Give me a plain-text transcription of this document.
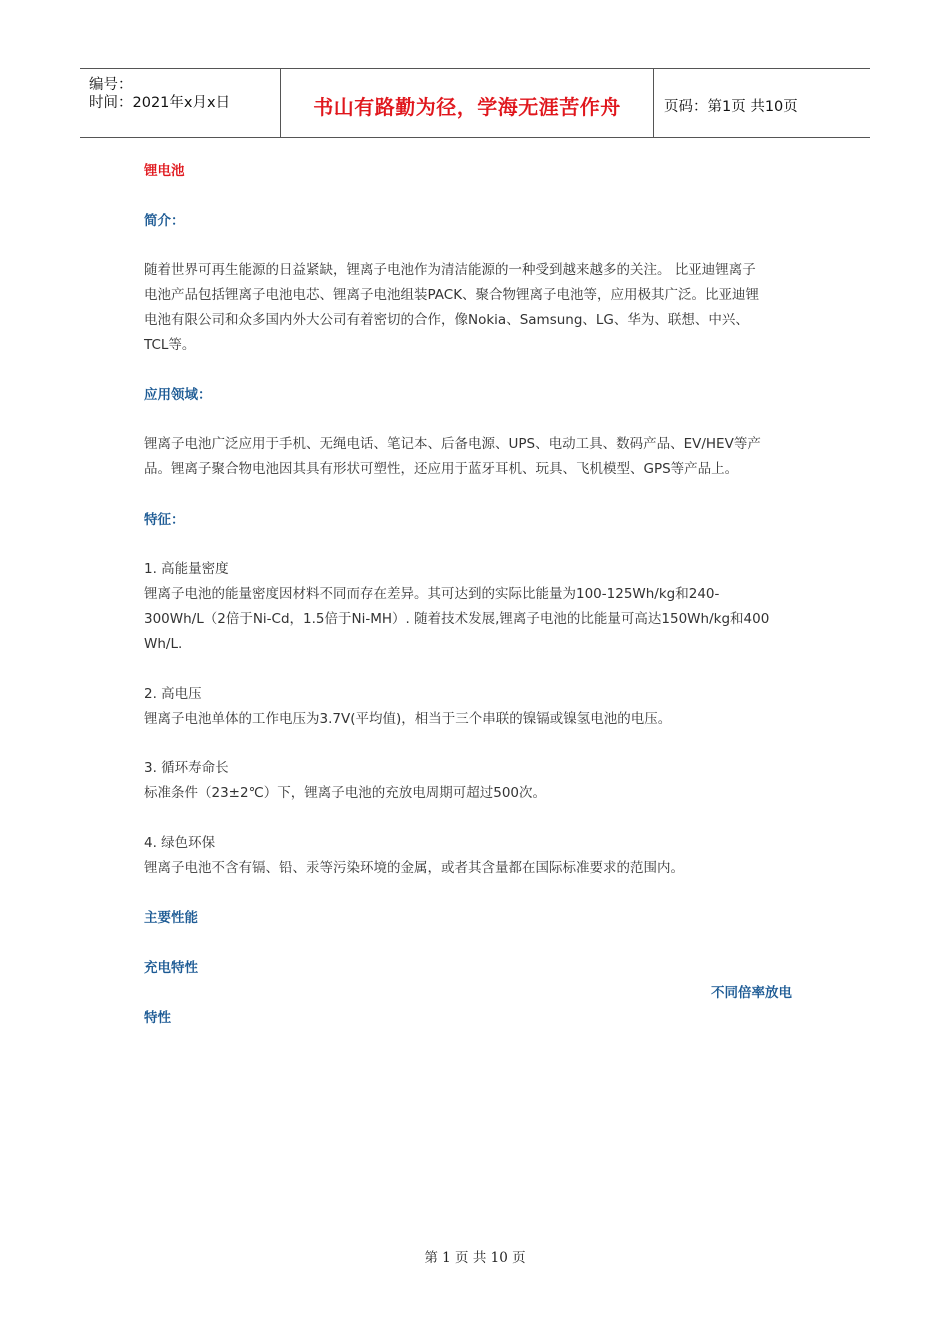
编号：
时间：2021年x月x日	书山有路勤为径，学海无涯苦作舟	页码：第1页 共10页
锂电池
简介：
随着世界可再生能源的日益紧缺，锂离子电池作为清洁能源的一种受到越来越多的关注。 比亚迪锂离子
电池产品包括锂离子电池电芯、锂离子电池组装PACK、聚合物锂离子电池等，应用极其广泛。比亚迪锂
电池有限公司和众多国内外大公司有着密切的合作，像Nokia、Samsung、LG、华为、联想、中兴、
TCL等。
应用领域：
锂离子电池广泛应用于手机、无绳电话、笔记本、后备电源、UPS、电动工具、数码产品、EV/HEV等产
品。锂离子聚合物电池因其具有形状可塑性，还应用于蓝牙耳机、玩具、飞机模型、GPS等产品上。
特征：
1. 高能量密度
锂离子电池的能量密度因材料不同而存在差异。其可达到的实际比能量为100-125Wh/kg和240-
300Wh/L（2倍于Ni-Cd，1.5倍于Ni-MH）. 随着技术发展,锂离子电池的比能量可高达150Wh/kg和400
Wh/L.
2. 高电压
锂离子电池单体的工作电压为3.7V(平均值)，相当于三个串联的镍镉或镍氢电池的电压。
3. 循环寿命长
标准条件（23±2℃）下，锂离子电池的充放电周期可超过500次。
4. 绿色环保
锂离子电池不含有镉、铅、汞等污染环境的金属，或者其含量都在国际标准要求的范围内。
主要性能
充电特性
特性
不同倍率放电
第 1 页 共 10 页
